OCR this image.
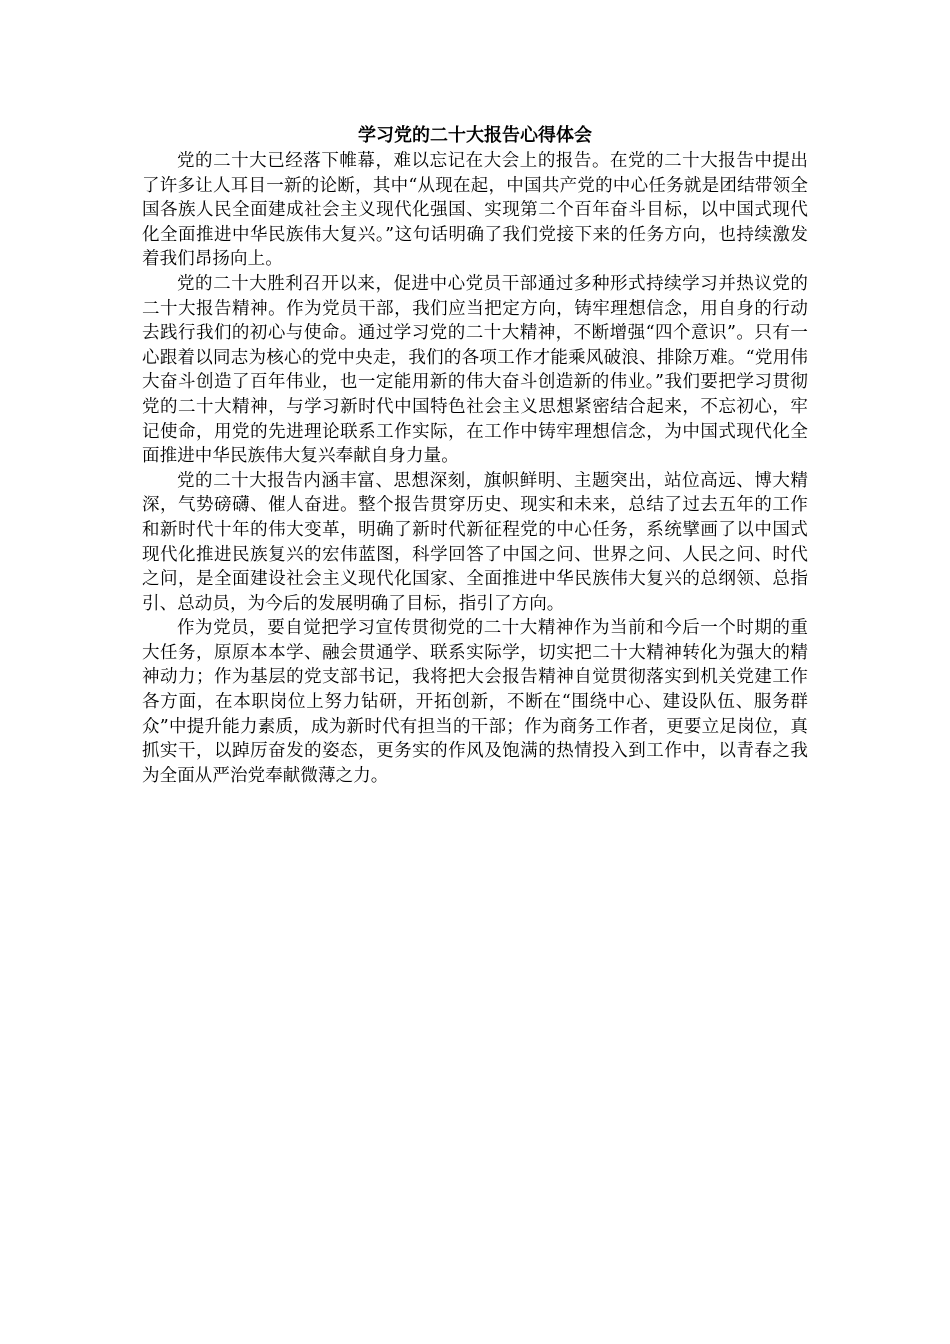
学习党的二十大报告心得体会

党的二十大已经落下帷幕，难以忘记在大会上的报告。在党的二十大报告中提出了许多让人耳目一新的论断，其中“从现在起，中国共产党的中心任务就是团结带领全国各族人民全面建成社会主义现代化强国、实现第二个百年奋斗目标，以中国式现代化全面推进中华民族伟大复兴。”这句话明确了我们党接下来的任务方向，也持续激发着我们昂扬向上。

党的二十大胜利召开以来，促进中心党员干部通过多种形式持续学习并热议党的二十大报告精神。作为党员干部，我们应当把定方向，铸牢理想信念，用自身的行动去践行我们的初心与使命。通过学习党的二十大精神，不断增强“四个意识”。只有一心跟着以同志为核心的党中央走，我们的各项工作才能乘风破浪、排除万难。“党用伟大奋斗创造了百年伟业，也一定能用新的伟大奋斗创造新的伟业。”我们要把学习贯彻党的二十大精神，与学习新时代中国特色社会主义思想紧密结合起来，不忘初心，牢记使命，用党的先进理论联系工作实际，在工作中铸牢理想信念，为中国式现代化全面推进中华民族伟大复兴奉献自身力量。

党的二十大报告内涵丰富、思想深刻，旗帜鲜明、主题突出，站位高远、博大精深，气势磅礴、催人奋进。整个报告贯穿历史、现实和未来，总结了过去五年的工作和新时代十年的伟大变革，明确了新时代新征程党的中心任务，系统擘画了以中国式现代化推进民族复兴的宏伟蓝图，科学回答了中国之问、世界之问、人民之问、时代之问，是全面建设社会主义现代化国家、全面推进中华民族伟大复兴的总纲领、总指引、总动员，为今后的发展明确了目标，指引了方向。

作为党员，要自觉把学习宣传贯彻党的二十大精神作为当前和今后一个时期的重大任务，原原本本学、融会贯通学、联系实际学，切实把二十大精神转化为强大的精神动力；作为基层的党支部书记，我将把大会报告精神自觉贯彻落实到机关党建工作各方面，在本职岗位上努力钻研，开拓创新，不断在“围绕中心、建设队伍、服务群众”中提升能力素质，成为新时代有担当的干部；作为商务工作者，更要立足岗位，真抓实干，以踔厉奋发的姿态，更务实的作风及饱满的热情投入到工作中，以青春之我为全面从严治党奉献微薄之力。
